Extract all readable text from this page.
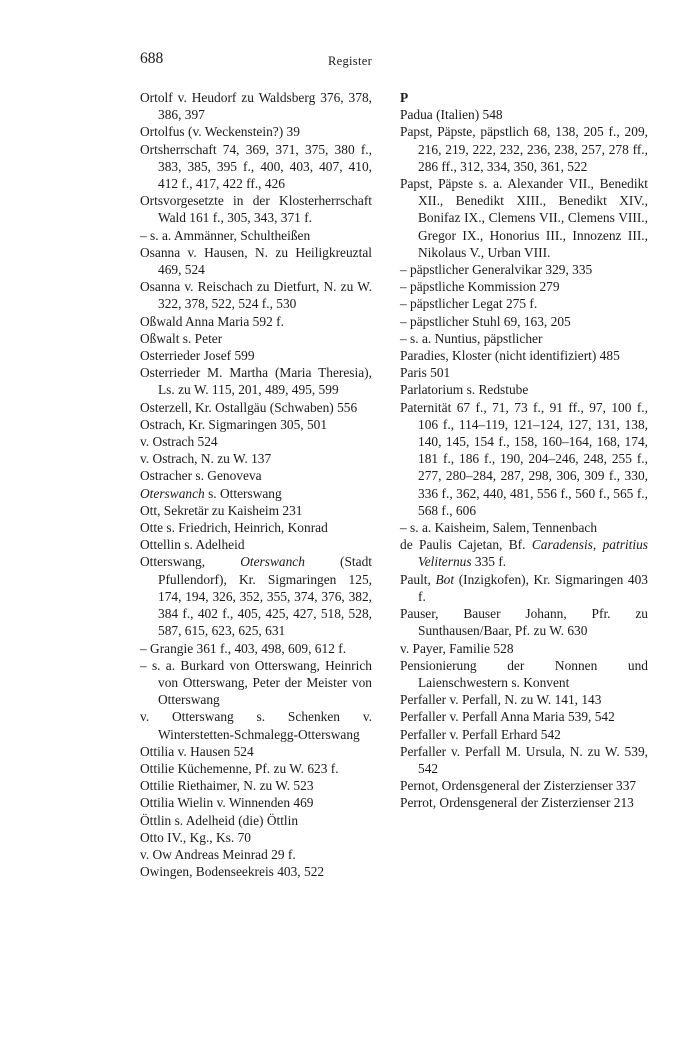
688	Register
Ortolf v. Heudorf zu Waldsberg 376, 378, 386, 397
Ortolfus (v. Weckenstein?) 39
Ortsherrschaft 74, 369, 371, 375, 380 f., 383, 385, 395 f., 400, 403, 407, 410, 412 f., 417, 422 ff., 426
Ortsvorgesetzte in der Klosterherrschaft Wald 161 f., 305, 343, 371 f.
– s. a. Ammänner, Schultheißen
Osanna v. Hausen, N. zu Heiligkreuztal 469, 524
Osanna v. Reischach zu Dietfurt, N. zu W. 322, 378, 522, 524 f., 530
Oßwald Anna Maria 592 f.
Oßwalt s. Peter
Osterrieder Josef 599
Osterrieder M. Martha (Maria Theresia), Ls. zu W. 115, 201, 489, 495, 599
Osterzell, Kr. Ostallgäu (Schwaben) 556
Ostrach, Kr. Sigmaringen 305, 501
v. Ostrach 524
v. Ostrach, N. zu W. 137
Ostracher s. Genoveva
Oterswanch s. Otterswang
Ott, Sekretär zu Kaisheim 231
Otte s. Friedrich, Heinrich, Konrad
Ottellin s. Adelheid
Otterswang, Oterswanch (Stadt Pfullendorf), Kr. Sigmaringen 125, 174, 194, 326, 352, 355, 374, 376, 382, 384 f., 402 f., 405, 425, 427, 518, 528, 587, 615, 623, 625, 631
– Grangie 361 f., 403, 498, 609, 612 f.
– s. a. Burkard von Otterswang, Heinrich von Otterswang, Peter der Meister von Otterswang
v. Otterswang s. Schenken v. Winterstetten-Schmalegg-Otterswang
Ottilia v. Hausen 524
Ottilie Küchemenne, Pf. zu W. 623 f.
Ottilie Riethaimer, N. zu W. 523
Ottilia Wielin v. Winnenden 469
Öttlin s. Adelheid (die) Öttlin
Otto IV., Kg., Ks. 70
v. Ow Andreas Meinrad 29 f.
Owingen, Bodenseekreis 403, 522
P
Padua (Italien) 548
Papst, Päpste, päpstlich 68, 138, 205 f., 209, 216, 219, 222, 232, 236, 238, 257, 278 ff., 286 ff., 312, 334, 350, 361, 522
Papst, Päpste s. a. Alexander VII., Benedikt XII., Benedikt XIII., Benedikt XIV., Bonifaz IX., Clemens VII., Clemens VIII., Gregor IX., Honorius III., Innozenz III., Nikolaus V., Urban VIII.
– päpstlicher Generalvikar 329, 335
– päpstliche Kommission 279
– päpstlicher Legat 275 f.
– päpstlicher Stuhl 69, 163, 205
– s. a. Nuntius, päpstlicher
Paradies, Kloster (nicht identifiziert) 485
Paris 501
Parlatorium s. Redstube
Paternität 67 f., 71, 73 f., 91 ff., 97, 100 f., 106 f., 114–119, 121–124, 127, 131, 138, 140, 145, 154 f., 158, 160–164, 168, 174, 181 f., 186 f., 190, 204–246, 248, 255 f., 277, 280–284, 287, 298, 306, 309 f., 330, 336 f., 362, 440, 481, 556 f., 560 f., 565 f., 568 f., 606
– s. a. Kaisheim, Salem, Tennenbach
de Paulis Cajetan, Bf. Caradensis, patritius Veliternus 335 f.
Pault, Bot (Inzigkofen), Kr. Sigmaringen 403 f.
Pauser, Bauser Johann, Pfr. zu Sunthausen/Baar, Pf. zu W. 630
v. Payer, Familie 528
Pensionierung der Nonnen und Laienschwestern s. Konvent
Perfaller v. Perfall, N. zu W. 141, 143
Perfaller v. Perfall Anna Maria 539, 542
Perfaller v. Perfall Erhard 542
Perfaller v. Perfall M. Ursula, N. zu W. 539, 542
Pernot, Ordensgeneral der Zisterzienser 337
Perrot, Ordensgeneral der Zisterzienser 213
